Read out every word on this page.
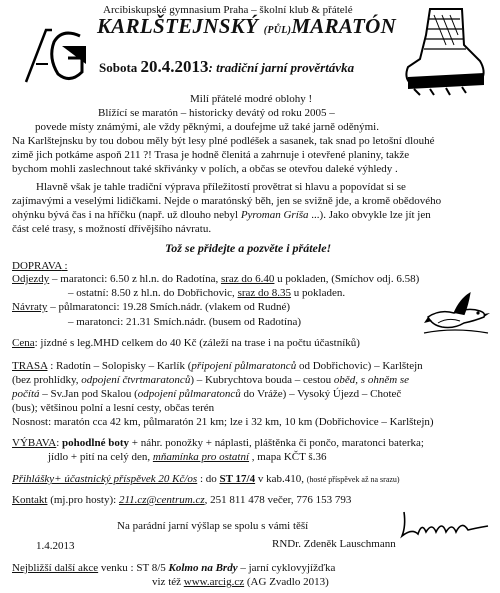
Arcibiskupské gymnasium Praha – školní klub & přátelé
KARLŠTEJNSKÝ (PŮL)MARATÓN
Sobota 20.4.2013: tradiční jarní prověrtávka
Milí přátelé modré oblohy !
Blížící se maratón – historicky devátý od roku 2005 –
povede místy známými, ale vždy pěknými, a doufejme už také jarně oděnými.
Na Karlštejnsku by tou dobou měly být lesy plné podléšek a sasanek, tak snad po letošní dlouhé
zimě jich potkáme aspoň 211 ?! Trasa je hodně členitá a zahrnuje i otevřené planiny, takže
bychom mohli zaslechnout také skřivánky v polích, a občas se otevřou daleké výhledy .
Hlavně však je tahle tradiční výprava příležitostí provětrat si hlavu a popovídat si se
zajímavými a veselými lidičkami. Nejde o maratónský běh, jen se svižně jde, a kromě obědového
ohýnku bývá čas i na hříčku (např. už dlouho nebyl Pyroman Gríša ...). Jako obvykle lze jít jen
část celé trasy, s možností dřívějšího návratu.
Tož se přidejte a pozvěte i přátele!
DOPRAVA :
Odjezdy – maratonci: 6.50 z hl.n. do Radotína, sraz do 6.40 u pokladen, (Smíchov odj. 6.58)
– ostatní: 8.50 z hl.n. do Dobřichovic, sraz do 8.35 u pokladen.
Návraty – půlmaratonci: 19.28 Smích.nádr. (vlakem od Rudné)
– maratonci: 21.31 Smích.nádr. (busem od Radotína)
Cena: jízdné s leg.MHD celkem do 40 Kč (záleží na trase i na počtu účastníků)
TRASA : Radotín – Solopisky – Karlík (připojení půlmaratonců od Dobřichovic) – Karlštejn
(bez prohlídky, odpojení čtvrtmaratonců) – Kubrychtova bouda – cestou oběd, s ohněm se
počítá – Sv.Jan pod Skalou (odpojení půlmaratonců do Vráže) – Vysoký Újezd – Choteč
(bus); většinou polní a lesní cesty, občas terén
Nosnost: maratón cca 42 km, půlmaratón 21 km; lze i 32 km, 10 km (Dobřichovice – Karlštejn)
VÝBAVA: pohodlné boty + náhr. ponožky + náplasti, pláštěnka či pončo, maratonci baterka;
jídlo + pití na celý den, mňamínka pro ostatní , mapa KČT š.36
Přihlášky+ účastnický příspěvek 20 Kč/os : do ST 17/4 v kab.410, (hosté příspěvek až na srazu)
Kontakt (mj.pro hosty): 211.cz@centrum.cz, 251 811 478 večer, 776 153 793
Na parádní jarní výšlap se spolu s vámi těší
1.4.2013	RNDr. Zdeněk Lauschmann
Nejbližší další akce venku : ST 8/5 Kolmo na Brdy – jarní cyklovyjížďka
viz též www.arcig.cz (AG Zvadlo 2013)
